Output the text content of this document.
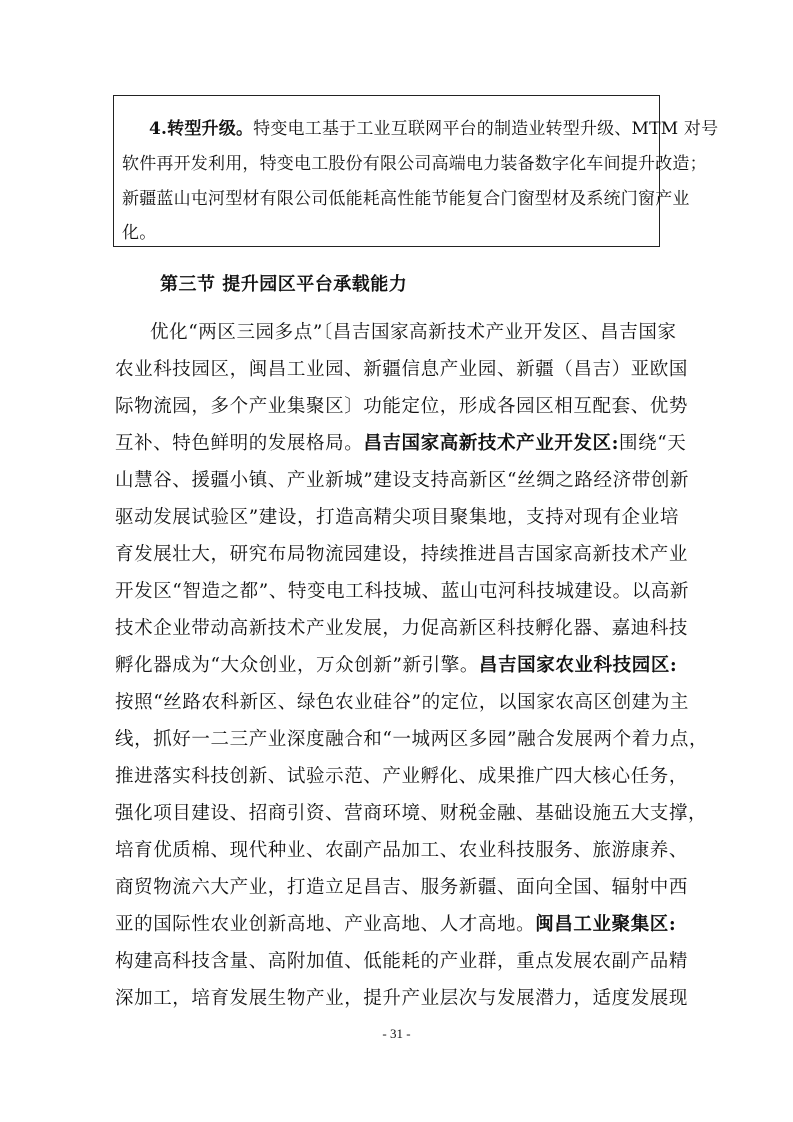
4.转型升级。特变电工基于工业互联网平台的制造业转型升级、MTM 对号
软件再开发利用，特变电工股份有限公司高端电力装备数字化车间提升改造；
新疆蓝山屯河型材有限公司低能耗高性能节能复合门窗型材及系统门窗产业
化。
第三节 提升园区平台承载能力
优化“两区三园多点”〔昌吉国家高新技术产业开发区、昌吉国家
农业科技园区，闽昌工业园、新疆信息产业园、新疆（昌吉）亚欧国
际物流园，多个产业集聚区〕功能定位，形成各园区相互配套、优势
互补、特色鲜明的发展格局。昌吉国家高新技术产业开发区:围绕“天
山慧谷、援疆小镇、产业新城”建设支持高新区“丝绸之路经济带创新
驱动发展试验区”建设，打造高精尖项目聚集地，支持对现有企业培
育发展壮大，研究布局物流园建设，持续推进昌吉国家高新技术产业
开发区“智造之都”、特变电工科技城、蓝山屯河科技城建设。以高新
技术企业带动高新技术产业发展，力促高新区科技孵化器、嘉迪科技
孵化器成为“大众创业，万众创新”新引擎。昌吉国家农业科技园区:
按照“丝路农科新区、绿色农业硅谷”的定位，以国家农高区创建为主
线，抓好一二三产业深度融合和“一城两区多园”融合发展两个着力点，
推进落实科技创新、试验示范、产业孵化、成果推广四大核心任务，
强化项目建设、招商引资、营商环境、财税金融、基础设施五大支撑，
培育优质棉、现代种业、农副产品加工、农业科技服务、旅游康养、
商贸物流六大产业，打造立足昌吉、服务新疆、面向全国、辐射中西
亚的国际性农业创新高地、产业高地、人才高地。闽昌工业聚集区:
构建高科技含量、高附加值、低能耗的产业群，重点发展农副产品精
深加工，培育发展生物产业，提升产业层次与发展潜力，适度发展现
- 31 -
